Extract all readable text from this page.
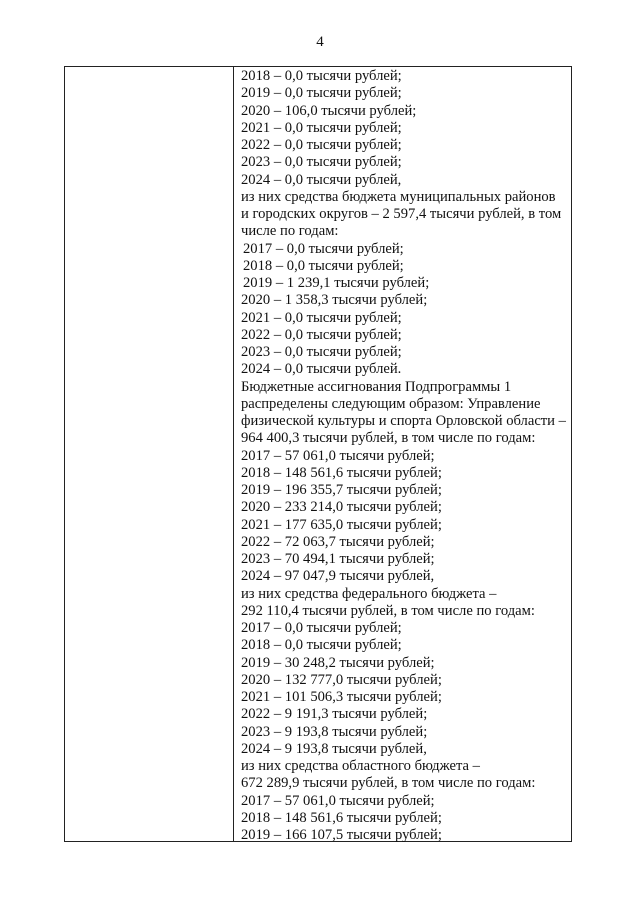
4
2018 – 0,0 тысячи рублей;
2019 – 0,0 тысячи рублей;
2020 – 106,0 тысячи рублей;
2021 – 0,0 тысячи рублей;
2022 – 0,0 тысячи рублей;
2023 – 0,0 тысячи рублей;
2024 – 0,0 тысячи рублей,
из них средства бюджета муниципальных районов
и городских округов – 2 597,4 тысячи рублей, в том
числе по годам:
2017 – 0,0 тысячи рублей;
2018 – 0,0 тысячи рублей;
2019 – 1 239,1 тысячи рублей;
2020 – 1 358,3 тысячи рублей;
2021 – 0,0 тысячи рублей;
2022 – 0,0 тысячи рублей;
2023 – 0,0 тысячи рублей;
2024 – 0,0 тысячи рублей.
Бюджетные ассигнования Подпрограммы 1
распределены следующим образом: Управление
физической культуры и спорта Орловской области –
964 400,3 тысячи рублей, в том числе по годам:
2017 – 57 061,0 тысячи рублей;
2018 – 148 561,6 тысячи рублей;
2019 – 196 355,7 тысячи рублей;
2020 – 233 214,0 тысячи рублей;
2021 – 177 635,0 тысячи рублей;
2022 – 72 063,7 тысячи рублей;
2023 – 70 494,1 тысячи рублей;
2024 – 97 047,9 тысячи рублей,
из них средства федерального бюджета –
292 110,4 тысячи рублей, в том числе по годам:
2017 – 0,0 тысячи рублей;
2018 – 0,0 тысячи рублей;
2019 – 30 248,2 тысячи рублей;
2020 – 132 777,0 тысячи рублей;
2021 – 101 506,3 тысячи рублей;
2022 – 9 191,3 тысячи рублей;
2023 – 9 193,8 тысячи рублей;
2024 – 9 193,8 тысячи рублей,
из них средства областного бюджета –
672 289,9 тысячи рублей, в том числе по годам:
2017 – 57 061,0 тысячи рублей;
2018 – 148 561,6 тысячи рублей;
2019 – 166 107,5 тысячи рублей;
